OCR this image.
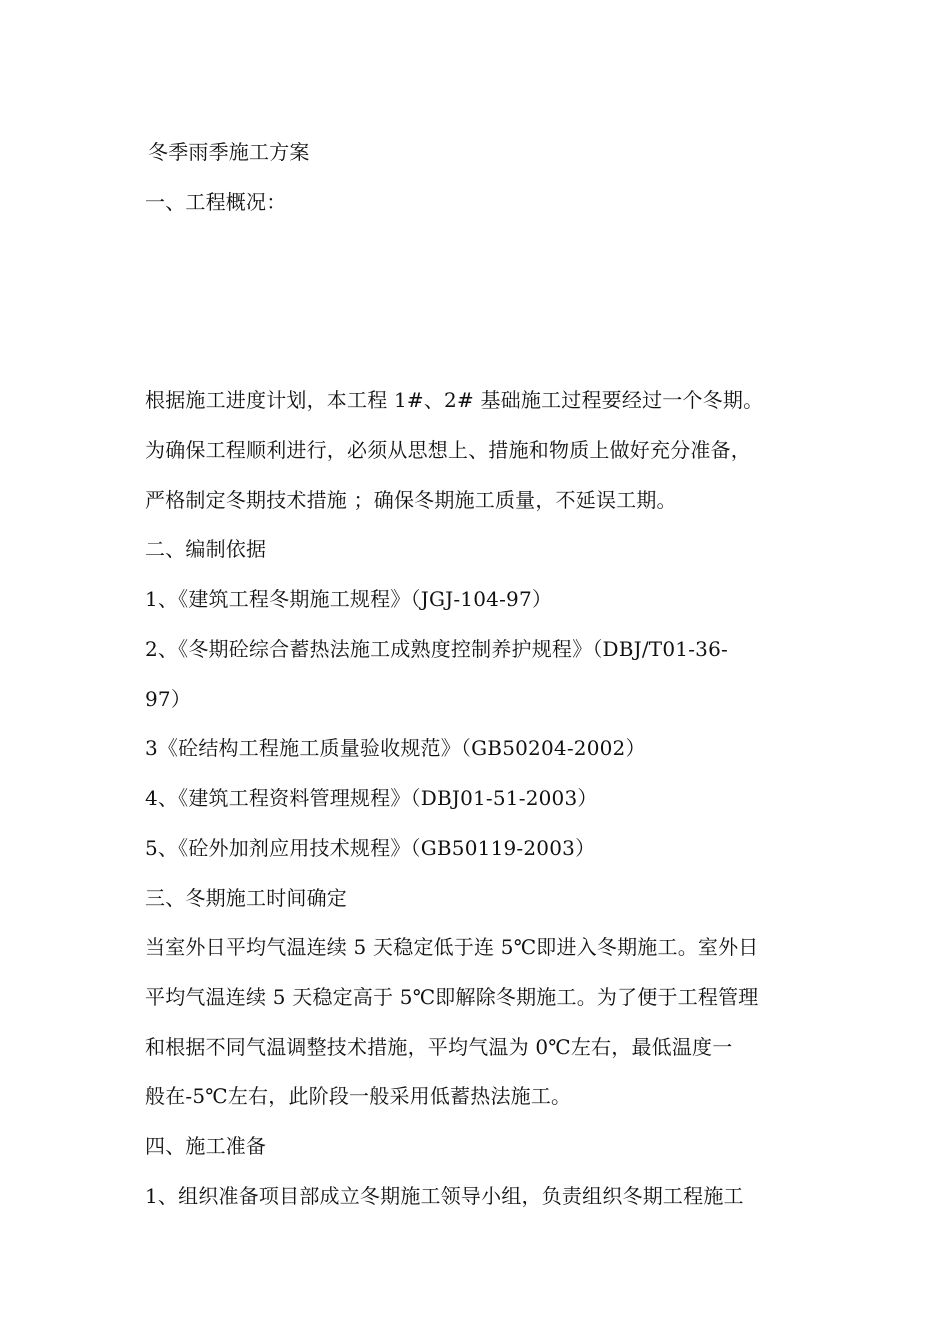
冬季雨季施工方案
一、工程概况：
根据施工进度计划，本工程 1#、2# 基础施工过程要经过一个冬期。
为确保工程顺利进行，必须从思想上、措施和物质上做好充分准备，
严格制定冬期技术措施 ；确保冬期施工质量，不延误工期。
二、编制依据
1、《建筑工程冬期施工规程》（JGJ-104-97）
2、《冬期砼综合蓄热法施工成熟度控制养护规程》（DBJ/T01-36-
97）
3《砼结构工程施工质量验收规范》（GB50204-2002）
4、《建筑工程资料管理规程》（DBJ01-51-2003）
5、《砼外加剂应用技术规程》（GB50119-2003）
三、冬期施工时间确定
当室外日平均气温连续 5 天稳定低于连 5℃即进入冬期施工。室外日
平均气温连续 5 天稳定高于 5℃即解除冬期施工。为了便于工程管理
和根据不同气温调整技术措施，平均气温为 0℃左右，最低温度一
般在-5℃左右，此阶段一般采用低蓄热法施工。
四、施工准备
1、组织准备项目部成立冬期施工领导小组，负责组织冬期工程施工
